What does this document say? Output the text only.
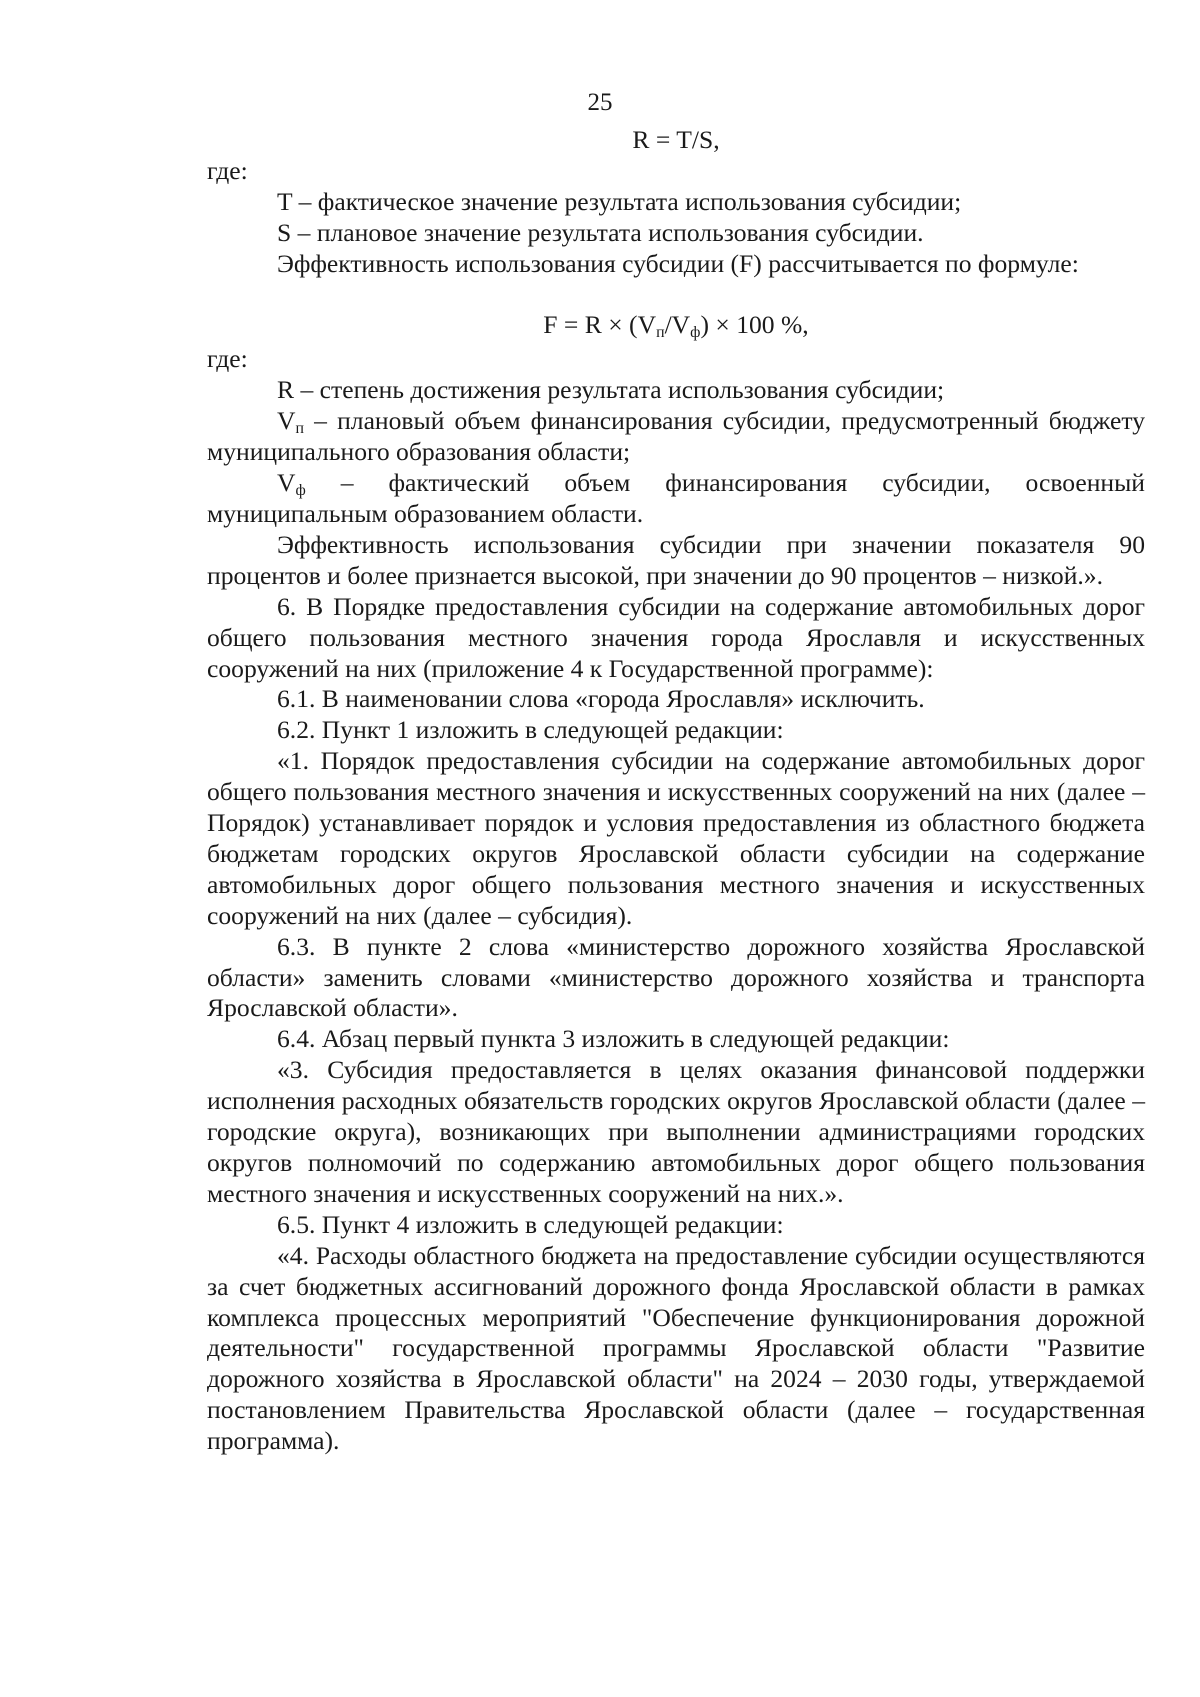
25

R = T/S,

где:

T – фактическое значение результата использования субсидии;

S – плановое значение результата использования субсидии.

Эффективность использования субсидии (F) рассчитывается по формуле:

$F = R \times (V_п/V_ф) \times 100$ %,

где:

R – степень достижения результата использования субсидии;

$V_п$ – плановый объем финансирования субсидии, предусмотренный бюджету муниципального образования области;

$V_ф$ – фактический объем финансирования субсидии, освоенный муниципальным образованием области.

Эффективность использования субсидии при значении показателя 90 процентов и более признается высокой, при значении до 90 процентов – низкой.».

6. В Порядке предоставления субсидии на содержание автомобильных дорог общего пользования местного значения города Ярославля и искусственных сооружений на них (приложение 4 к Государственной программе):

6.1. В наименовании слова «города Ярославля» исключить.

6.2. Пункт 1 изложить в следующей редакции:

«1. Порядок предоставления субсидии на содержание автомобильных дорог общего пользования местного значения и искусственных сооружений на них (далее – Порядок) устанавливает порядок и условия предоставления из областного бюджета бюджетам городских округов Ярославской области субсидии на содержание автомобильных дорог общего пользования местного значения и искусственных сооружений на них (далее – субсидия).

6.3. В пункте 2 слова «министерство дорожного хозяйства Ярославской области» заменить словами «министерство дорожного хозяйства и транспорта Ярославской области».

6.4. Абзац первый пункта 3 изложить в следующей редакции:

«3. Субсидия предоставляется в целях оказания финансовой поддержки исполнения расходных обязательств городских округов Ярославской области (далее – городские округа), возникающих при выполнении администрациями городских округов полномочий по содержанию автомобильных дорог общего пользования местного значения и искусственных сооружений на них.».

6.5. Пункт 4 изложить в следующей редакции:

«4. Расходы областного бюджета на предоставление субсидии осуществляются за счет бюджетных ассигнований дорожного фонда Ярославской области в рамках комплекса процессных мероприятий "Обеспечение функционирования дорожной деятельности" государственной программы Ярославской области "Развитие дорожного хозяйства в Ярославской области" на 2024 – 2030 годы, утверждаемой постановлением Правительства Ярославской области (далее – государственная программа).
